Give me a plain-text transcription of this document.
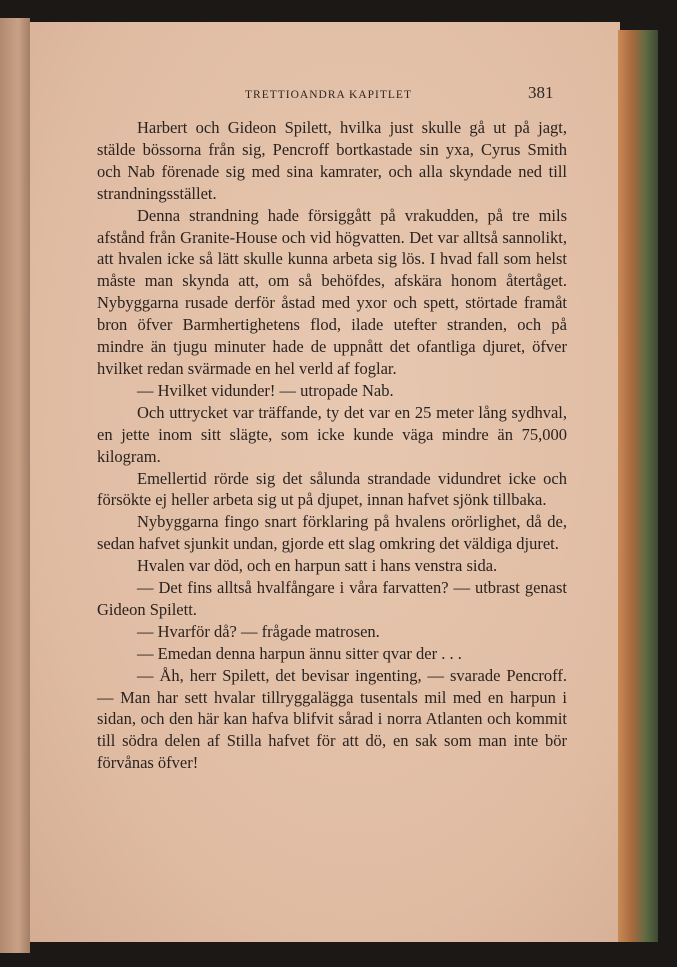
TRETTIOANDRA KAPITLET	381

Harbert och Gideon Spilett, hvilka just skulle gå ut på jagt, stälde bössorna från sig, Pencroff bortkastade sin yxa, Cyrus Smith och Nab förenade sig med sina kamrater, och alla skyndade ned till strandningsstället.

Denna strandning hade försiggått på vrakudden, på tre mils afstånd från Granite-House och vid högvatten. Det var alltså sannolikt, att hvalen icke så lätt skulle kunna arbeta sig lös. I hvad fall som helst måste man skynda att, om så behöfdes, afskära honom återtåget. Nybyggarna rusade derför åstad med yxor och spett, störtade framåt bron öfver Barmhertighetens flod, ilade utefter stranden, och på mindre än tjugu minuter hade de uppnått det ofantliga djuret, öfver hvilket redan svärmade en hel verld af foglar.

— Hvilket vidunder! — utropade Nab.

Och uttrycket var träffande, ty det var en 25 meter lång sydhval, en jette inom sitt slägte, som icke kunde väga mindre än 75,000 kilogram.

Emellertid rörde sig det sålunda strandade vidundret icke och försökte ej heller arbeta sig ut på djupet, innan hafvet sjönk tillbaka.

Nybyggarna fingo snart förklaring på hvalens orörlighet, då de, sedan hafvet sjunkit undan, gjorde ett slag omkring det väldiga djuret.

Hvalen var död, och en harpun satt i hans venstra sida.

— Det fins alltså hvalfångare i våra farvatten? — utbrast genast Gideon Spilett.

— Hvarför då? — frågade matrosen.

— Emedan denna harpun ännu sitter qvar der . . .

— Åh, herr Spilett, det bevisar ingenting, — svarade Pencroff. — Man har sett hvalar tillryggalägga tusentals mil med en harpun i sidan, och den här kan hafva blifvit sårad i norra Atlanten och kommit till södra delen af Stilla hafvet för att dö, en sak som man inte bör förvånas öfver!
